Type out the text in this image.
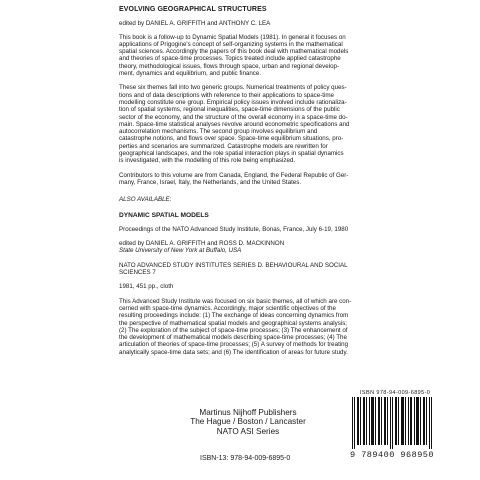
EVOLVING GEOGRAPHICAL STRUCTURES

edited by DANIEL A. GRIFFITH and ANTHONY C. LEA

This book is a follow-up to Dynamic Spatial Models (1981). In general it focuses on
applications of Prigogine's concept of self-organizing systems in the mathematical
spatial sciences. Accordingly the papers of this book deal with mathematical models
and theories of space-time processes. Topics treated include applied catastrophe
theory, methodological issues, flows through space, urban and regional develop-
ment, dynamics and equilibrium, and public finance.

These six themes fall into two generic groups. Numerical treatments of policy ques-
tions and of data descriptions with reference to their applications to space-time
modelling constitute one group. Empirical policy issues involved include rationaliza-
tion of spatial systems, regional inequalities, space-time dimensions of the public
sector of the economy, and the structure of the overall economy in a space-time do-
main. Space-time statistical analyses revolve around econometric specifications and
autocorrelation mechanisms. The second group involves equilibrium and
catastrophe notions, and flows over space. Space-time equilibrium situations, pro-
perties and scenarios are summarized. Catastrophe models are rewritten for
geographical landscapes, and the role spatial interaction plays in spatial dynamics
is investigated, with the modelling of this role being emphasized.

Contributors to this volume are from Canada, England, the Federal Republic of Ger-
many, France, Israel, Italy, the Netherlands, and the United States.

ALSO AVAILABLE:
DYNAMIC SPATIAL MODELS

Proceedings of the NATO Advanced Study Institute, Bonas, France, July 6-19, 1980

edited by DANIEL A. GRIFFITH and ROSS D. MACKINNON

State University of New York at Buffalo, USA

NATO ADVANCED STUDY INSTITUTES SERIES D. BEHAVIOURAL AND SOCIAL
SCIENCES 7

1981, 451 pp., cloth

This Advanced Study Institute was focused on six basic themes, all of which are con-
cerned with space-time dynamics. Accordingly, major scientific objectives of the
resulting proceedings include: (1) The exchange of ideas concerning dynamics from
the perspective of mathematical spatial models and geographical systems analysis;
(2) The exploration of the subject of space-time processes; (3) The enhancement of
the development of mathematical models describing space-time processes; (4) The
articulation of theories of space-time processes; (5) A survey of methods for treating
analytically space-time data sets; and (6) The identification of areas for future study.

Martinus Nijhoff Publishers
The Hague / Boston / Lancaster
NATO ASI Series
ISBN 978-94-009-6895-0
9 789400 968950
ISBN-13: 978-94-009-6895-0
